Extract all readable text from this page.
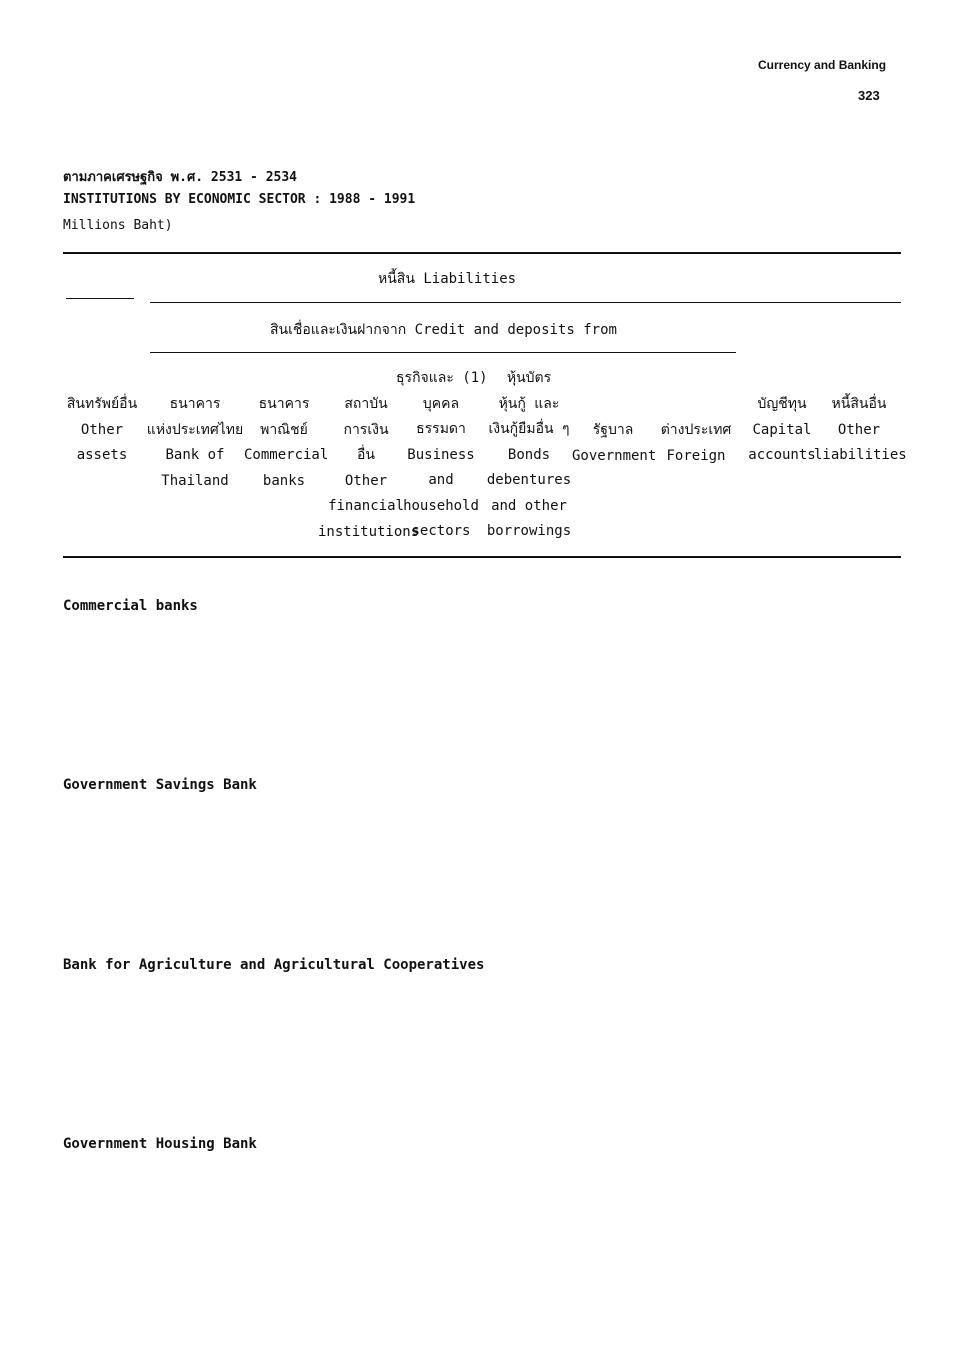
Currency and Banking
323
ตามภาคเศรษฐกิจ พ.ศ. 2531 - 2534
INSTITUTIONS BY ECONOMIC SECTOR : 1988 - 1991
Millions Baht)
หนี้สิน Liabilities
สินเชื่อและเงินฝากจาก Credit and deposits from
สินทรัพย์อื่น
Other
assets
ธนาคาร
แห่งประเทศไทย
Bank of
Thailand
ธนาคาร
พาณิชย์
Commercial
banks
สถาบัน
การเงิน
อื่น
Other
financial
institutions
ธุรกิจและ (1)
บุคคล
ธรรมดา
Business
and
household
sectors
หุ้นบัตร
หุ้นกู้ และ
เงินกู้ยืมอื่น ๆ
Bonds
debentures
and other
borrowings
รัฐบาล
Government
ต่างประเทศ
Foreign
บัญชีทุน
Capital
accounts
หนี้สินอื่น
Other
liabilities
Commercial banks
Government Savings Bank
Bank for Agriculture and Agricultural Cooperatives
Government Housing Bank
